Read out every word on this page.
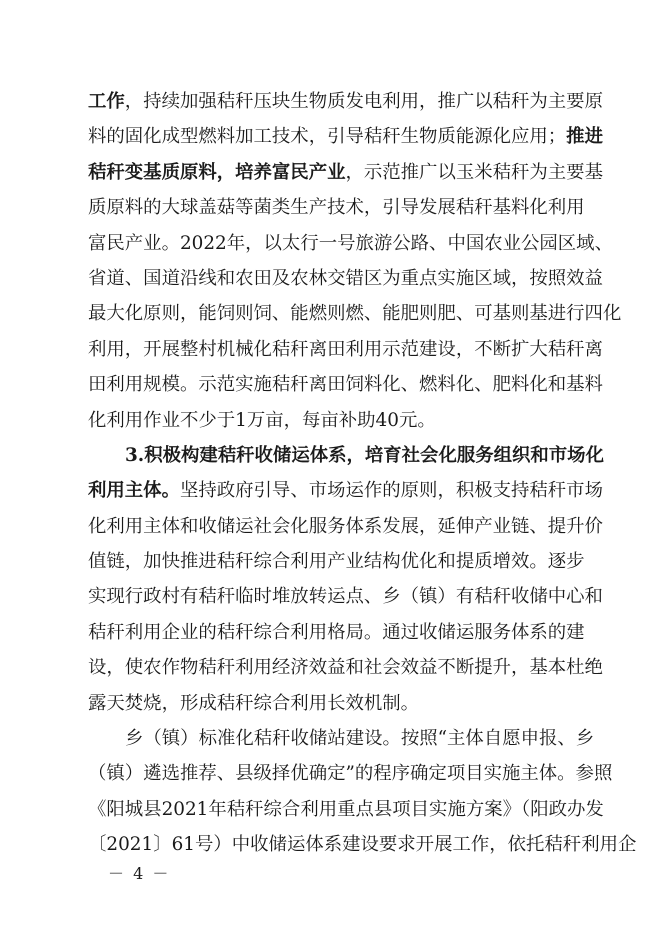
工作，持续加强秸秆压块生物质发电利用，推广以秸秆为主要原
料的固化成型燃料加工技术，引导秸秆生物质能源化应用；推进
秸秆变基质原料，培养富民产业，示范推广以玉米秸秆为主要基
质原料的大球盖菇等菌类生产技术，引导发展秸秆基料化利用
富民产业。2022年，以太行一号旅游公路、中国农业公园区域、
省道、国道沿线和农田及农林交错区为重点实施区域，按照效益
最大化原则，能饲则饲、能燃则燃、能肥则肥、可基则基进行四化
利用，开展整村机械化秸秆离田利用示范建设，不断扩大秸秆离
田利用规模。示范实施秸秆离田饲料化、燃料化、肥料化和基料
化利用作业不少于1万亩，每亩补助40元。
3.积极构建秸秆收储运体系，培育社会化服务组织和市场化
利用主体。坚持政府引导、市场运作的原则，积极支持秸秆市场
化利用主体和收储运社会化服务体系发展，延伸产业链、提升价
值链，加快推进秸秆综合利用产业结构优化和提质增效。逐步
实现行政村有秸秆临时堆放转运点、乡（镇）有秸秆收储中心和
秸秆利用企业的秸秆综合利用格局。通过收储运服务体系的建
设，使农作物秸秆利用经济效益和社会效益不断提升，基本杜绝
露天焚烧，形成秸秆综合利用长效机制。
乡（镇）标准化秸秆收储站建设。按照“主体自愿申报、乡
（镇）遴选推荐、县级择优确定”的程序确定项目实施主体。参照
《阳城县2021年秸秆综合利用重点县项目实施方案》（阳政办发
〔2021〕61号）中收储运体系建设要求开展工作，依托秸秆利用企
－ 4 －
